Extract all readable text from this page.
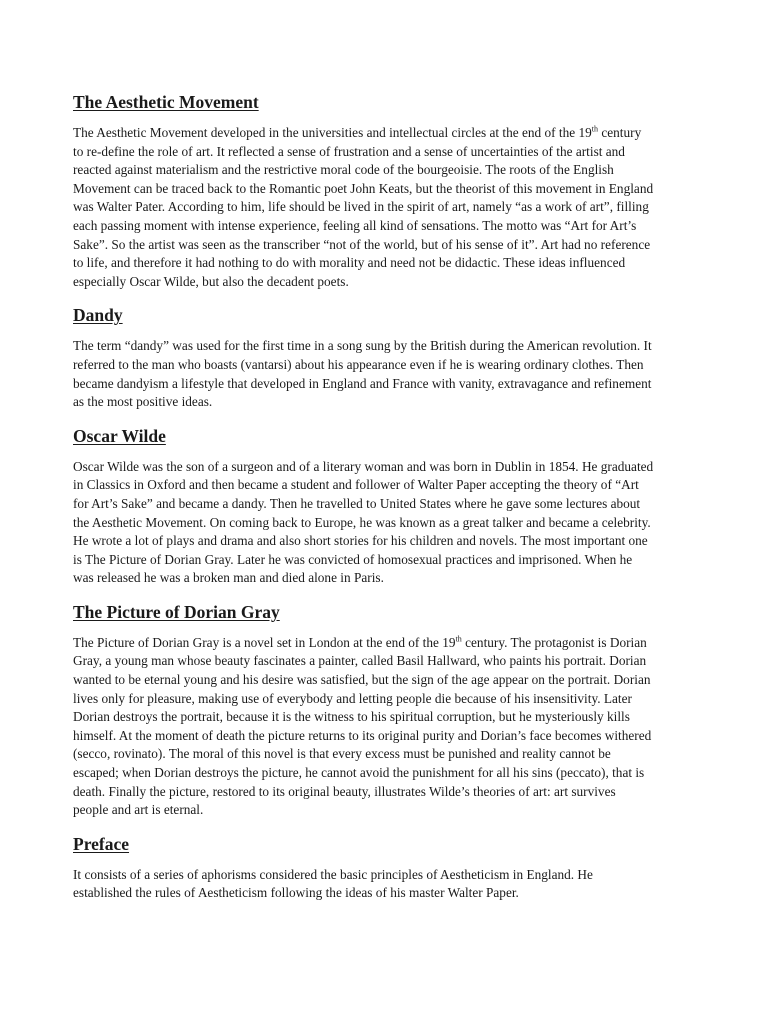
The Aesthetic Movement

The Aesthetic Movement developed in the universities and intellectual circles at the end of the 19th century
to re-define the role of art. It reflected a sense of frustration and a sense of uncertainties of the artist and
reacted against materialism and the restrictive moral code of the bourgeoisie. The roots of the English
Movement can be traced back to the Romantic poet John Keats, but the theorist of this movement in England
was Walter Pater. According to him, life should be lived in the spirit of art, namely “as a work of art”, filling
each passing moment with intense experience, feeling all kind of sensations. The motto was “Art for Art’s
Sake”. So the artist was seen as the transcriber “not of the world, but of his sense of it”. Art had no reference
to life, and therefore it had nothing to do with morality and need not be didactic. These ideas influenced
especially Oscar Wilde, but also the decadent poets.

Dandy

The term “dandy” was used for the first time in a song sung by the British during the American revolution. It
referred to the man who boasts (vantarsi) about his appearance even if he is wearing ordinary clothes. Then
became dandyism a lifestyle that developed in England and France with vanity, extravagance and refinement
as the most positive ideas.

Oscar Wilde

Oscar Wilde was the son of a surgeon and of a literary woman and was born in Dublin in 1854. He graduated
in Classics in Oxford and then became a student and follower of Walter Paper accepting the theory of “Art
for Art’s Sake” and became a dandy. Then he travelled to United States where he gave some lectures about
the Aesthetic Movement. On coming back to Europe, he was known as a great talker and became a celebrity.
He wrote a lot of plays and drama and also short stories for his children and novels. The most important one
is The Picture of Dorian Gray. Later he was convicted of homosexual practices and imprisoned. When he
was released he was a broken man and died alone in Paris.

The Picture of Dorian Gray

The Picture of Dorian Gray is a novel set in London at the end of the 19th century. The protagonist is Dorian
Gray, a young man whose beauty fascinates a painter, called Basil Hallward, who paints his portrait. Dorian
wanted to be eternal young and his desire was satisfied, but the sign of the age appear on the portrait. Dorian
lives only for pleasure, making use of everybody and letting people die because of his insensitivity. Later
Dorian destroys the portrait, because it is the witness to his spiritual corruption, but he mysteriously kills
himself. At the moment of death the picture returns to its original purity and Dorian’s face becomes withered
(secco, rovinato). The moral of this novel is that every excess must be punished and reality cannot be
escaped; when Dorian destroys the picture, he cannot avoid the punishment for all his sins (peccato), that is
death. Finally the picture, restored to its original beauty, illustrates Wilde’s theories of art: art survives
people and art is eternal.

Preface

It consists of a series of aphorisms considered the basic principles of Aestheticism in England. He
established the rules of Aestheticism following the ideas of his master Walter Paper.
